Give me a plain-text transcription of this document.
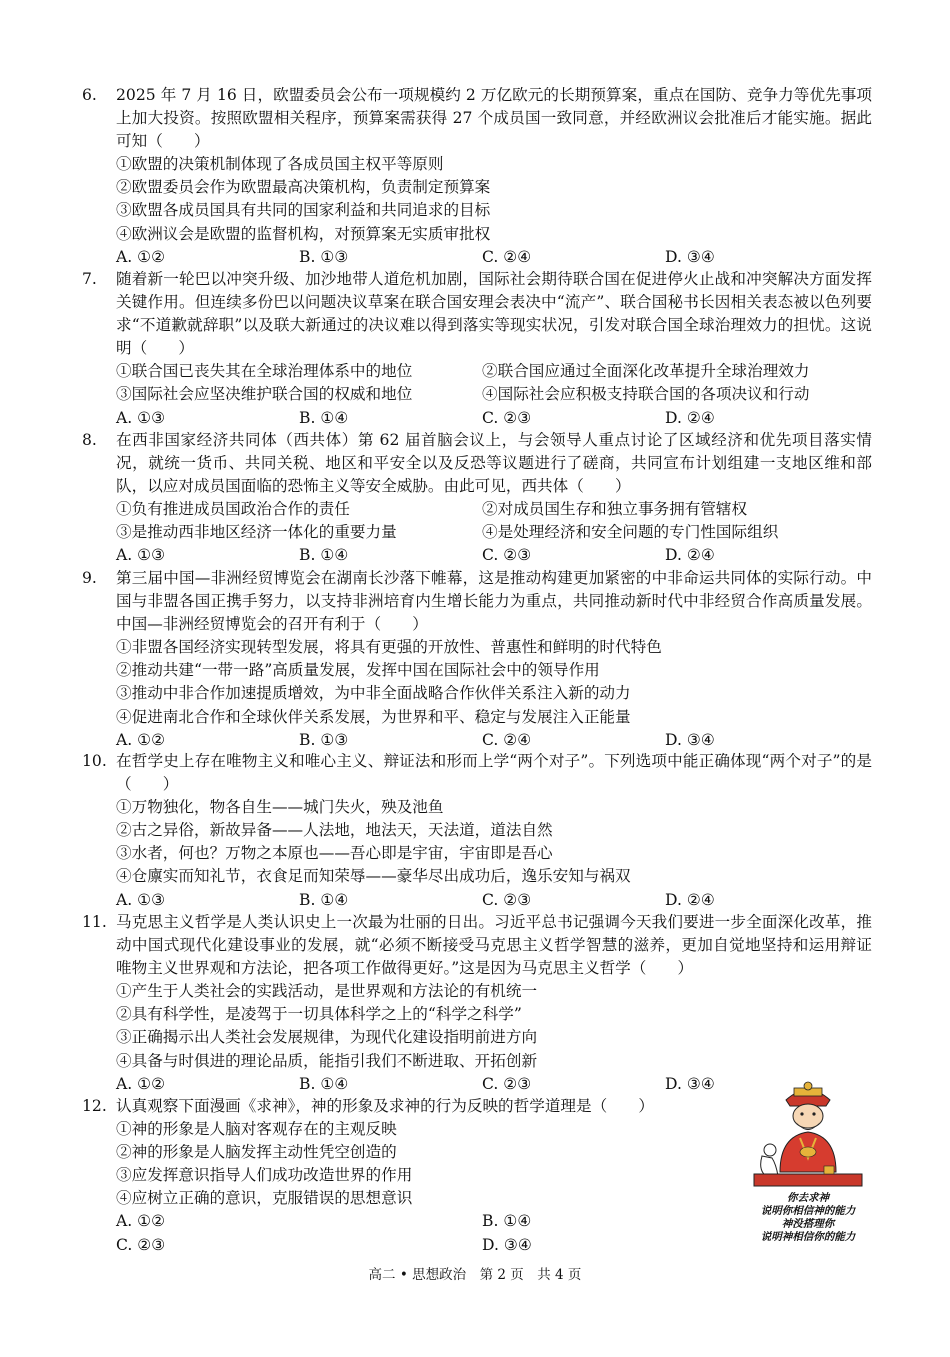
6.	2025 年 7 月 16 日，欧盟委员会公布一项规模约 2 万亿欧元的长期预算案，重点在国防、竞争力等优先事项上加大投资。按照欧盟相关程序，预算案需获得 27 个成员国一致同意，并经欧洲议会批准后才能实施。据此可知（　　）
①欧盟的决策机制体现了各成员国主权平等原则
②欧盟委员会作为欧盟最高决策机构，负责制定预算案
③欧盟各成员国具有共同的国家利益和共同追求的目标
④欧洲议会是欧盟的监督机构，对预算案无实质审批权
A. ①②	B. ①③	C. ②④	D. ③④
7.	随着新一轮巴以冲突升级、加沙地带人道危机加剧，国际社会期待联合国在促进停火止战和冲突解决方面发挥关键作用。但连续多份巴以问题决议草案在联合国安理会表决中“流产”、联合国秘书长因相关表态被以色列要求“不道歉就辞职”以及联大新通过的决议难以得到落实等现实状况，引发对联合国全球治理效力的担忧。这说明（　　）
①联合国已丧失其在全球治理体系中的地位	②联合国应通过全面深化改革提升全球治理效力
③国际社会应坚决维护联合国的权威和地位	④国际社会应积极支持联合国的各项决议和行动
A. ①③	B. ①④	C. ②③	D. ②④
8.	在西非国家经济共同体（西共体）第 62 届首脑会议上，与会领导人重点讨论了区域经济和优先项目落实情况，就统一货币、共同关税、地区和平安全以及反恐等议题进行了磋商，共同宣布计划组建一支地区维和部队，以应对成员国面临的恐怖主义等安全威胁。由此可见，西共体（　　）
①负有推进成员国政治合作的责任	②对成员国生存和独立事务拥有管辖权
③是推动西非地区经济一体化的重要力量	④是处理经济和安全问题的专门性国际组织
A. ①③	B. ①④	C. ②③	D. ②④
9.	第三届中国—非洲经贸博览会在湖南长沙落下帷幕，这是推动构建更加紧密的中非命运共同体的实际行动。中国与非盟各国正携手努力，以支持非洲培育内生增长能力为重点，共同推动新时代中非经贸合作高质量发展。中国—非洲经贸博览会的召开有利于（　　）
①非盟各国经济实现转型发展，将具有更强的开放性、普惠性和鲜明的时代特色
②推动共建“一带一路”高质量发展，发挥中国在国际社会中的领导作用
③推动中非合作加速提质增效，为中非全面战略合作伙伴关系注入新的动力
④促进南北合作和全球伙伴关系发展，为世界和平、稳定与发展注入正能量
A. ①②	B. ①③	C. ②④	D. ③④
10. 在哲学史上存在唯物主义和唯心主义、辩证法和形而上学“两个对子”。下列选项中能正确体现“两个对子”的是（　　）
①万物独化，物各自生——城门失火，殃及池鱼
②古之异俗，新故异备——人法地，地法天，天法道，道法自然
③水者，何也？万物之本原也——吾心即是宇宙，宇宙即是吾心
④仓廪实而知礼节，衣食足而知荣辱——豪华尽出成功后，逸乐安知与祸双
A. ①③	B. ①④	C. ②③	D. ②④
11. 马克思主义哲学是人类认识史上一次最为壮丽的日出。习近平总书记强调今天我们要进一步全面深化改革，推动中国式现代化建设事业的发展，就“必须不断接受马克思主义哲学智慧的滋养，更加自觉地坚持和运用辩证唯物主义世界观和方法论，把各项工作做得更好。”这是因为马克思主义哲学（　　）
①产生于人类社会的实践活动，是世界观和方法论的有机统一
②具有科学性，是凌驾于一切具体科学之上的“科学之科学”
③正确揭示出人类社会发展规律，为现代化建设指明前进方向
④具备与时俱进的理论品质，能指引我们不断进取、开拓创新
A. ①②	B. ①④	C. ②③	D. ③④
12. 认真观察下面漫画《求神》，神的形象及求神的行为反映的哲学道理是（　　）
①神的形象是人脑对客观存在的主观反映
②神的形象是人脑发挥主动性凭空创造的
③应发挥意识指导人们成功改造世界的作用
④应树立正确的意识，克服错误的思想意识
A. ①②	B. ①④
C. ②③	D. ③④
你去求神
说明你相信神的能力
神没搭理你
说明神相信你的能力
高二 • 思想政治　第 2 页　共 4 页
